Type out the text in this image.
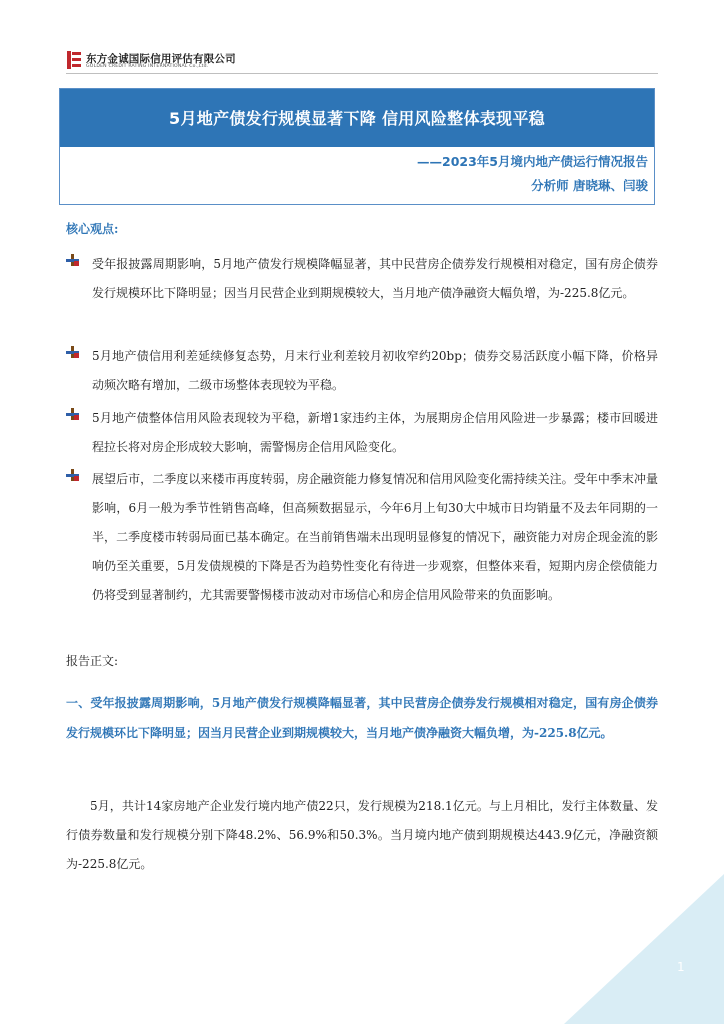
东方金诚国际信用评估有限公司
GOLDEN CREDIT RATING INTERNATIONAL Co.,Ltd.
5月地产债发行规模显著下降 信用风险整体表现平稳
——2023年5月境内地产债运行情况报告
分析师 唐晓琳、闫骏
核心观点:
受年报披露周期影响，5月地产债发行规模降幅显著，其中民营房企债券发行规模相对稳定，国有房企债券发行规模环比下降明显；因当月民营企业到期规模较大，当月地产债净融资大幅负增，为-225.8亿元。
5月地产债信用利差延续修复态势，月末行业利差较月初收窄约20bp；债券交易活跃度小幅下降，价格异动频次略有增加，二级市场整体表现较为平稳。
5月地产债整体信用风险表现较为平稳，新增1家违约主体，为展期房企信用风险进一步暴露；楼市回暖进程拉长将对房企形成较大影响，需警惕房企信用风险变化。
展望后市，二季度以来楼市再度转弱，房企融资能力修复情况和信用风险变化需持续关注。受年中季末冲量影响，6月一般为季节性销售高峰，但高频数据显示，今年6月上旬30大中城市日均销量不及去年同期的一半，二季度楼市转弱局面已基本确定。在当前销售端未出现明显修复的情况下，融资能力对房企现金流的影响仍至关重要，5月发债规模的下降是否为趋势性变化有待进一步观察，但整体来看，短期内房企偿债能力仍将受到显著制约，尤其需要警惕楼市波动对市场信心和房企信用风险带来的负面影响。
报告正文:
一、受年报披露周期影响，5月地产债发行规模降幅显著，其中民营房企债券发行规模相对稳定，国有房企债券发行规模环比下降明显；因当月民营企业到期规模较大，当月地产债净融资大幅负增，为-225.8亿元。
5月，共计14家房地产企业发行境内地产债22只，发行规模为218.1亿元。与上月相比，发行主体数量、发行债券数量和发行规模分别下降48.2%、56.9%和50.3%。当月境内地产债到期规模达443.9亿元，净融资额为-225.8亿元。
1
